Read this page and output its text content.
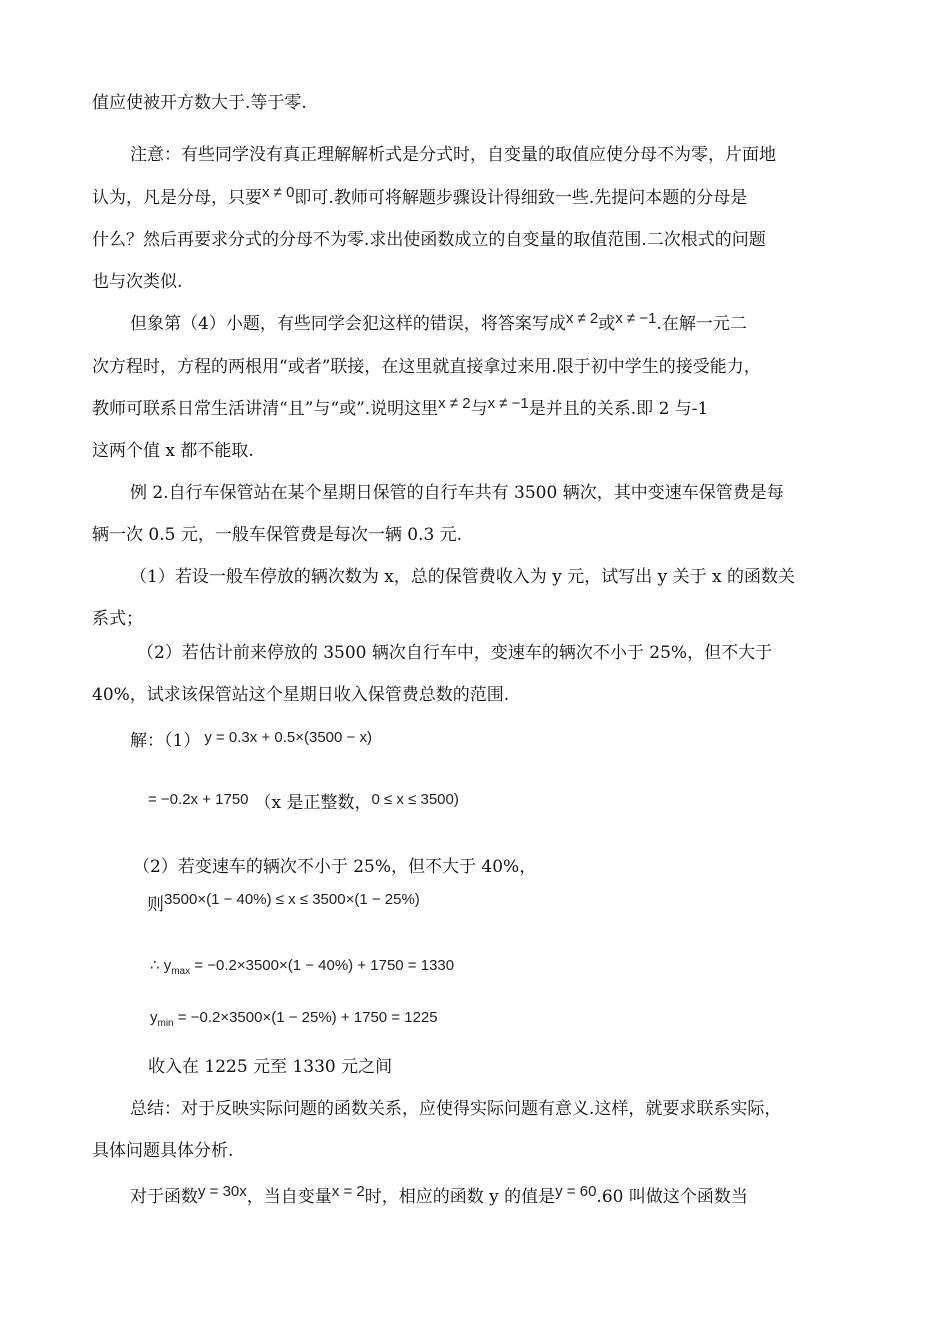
值应使被开方数大于.等于零.
注意：有些同学没有真正理解解析式是分式时，自变量的取值应使分母不为零，片面地
认为，凡是分母，只要x ≠ 0即可.教师可将解题步骤设计得细致一些.先提问本题的分母是
什么？然后再要求分式的分母不为零.求出使函数成立的自变量的取值范围.二次根式的问题
也与次类似.
但象第（4）小题，有些同学会犯这样的错误，将答案写成x ≠ 2或x ≠ −1.在解一元二
次方程时，方程的两根用“或者”联接，在这里就直接拿过来用.限于初中学生的接受能力，
教师可联系日常生活讲清“且”与“或”.说明这里x ≠ 2与x ≠ −1是并且的关系.即 2 与-1
这两个值 x 都不能取.
例 2.自行车保管站在某个星期日保管的自行车共有 3500 辆次，其中变速车保管费是每
辆一次 0.5 元，一般车保管费是每次一辆 0.3 元.
（1）若设一般车停放的辆次数为 x，总的保管费收入为 y 元，试写出 y 关于 x 的函数关
系式；
（2）若估计前来停放的 3500 辆次自行车中，变速车的辆次不小于 25%，但不大于
40%，试求该保管站这个星期日收入保管费总数的范围.
解：（1） y = 0.3x + 0.5×(3500 − x)
= −0.2x + 1750 （x 是正整数，0 ≤ x ≤ 3500)
（2）若变速车的辆次不小于 25%，但不大于 40%，
则3500×(1 − 40%) ≤ x ≤ 3500×(1 − 25%)
∴ $y_{max} = -0.2\times 3500\times(1 - 40\%) + 1750 = 1330$
$y_{min} = -0.2\times 3500\times(1 - 25\%) + 1750 = 1225$
收入在 1225 元至 1330 元之间
总结：对于反映实际问题的函数关系，应使得实际问题有意义.这样，就要求联系实际，
具体问题具体分析.
对于函数y = 30x，当自变量x = 2时，相应的函数 y 的值是y = 60.60 叫做这个函数当
